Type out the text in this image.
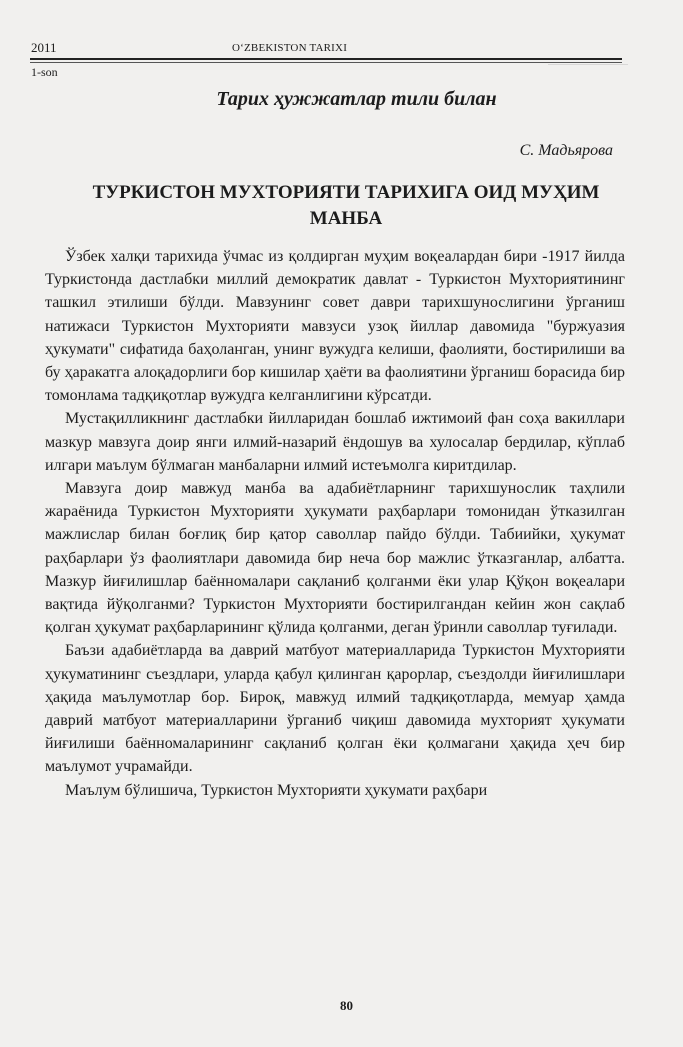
2011	O‘ZBEKISTON TARIXI
1-son
Тарих ҳужжатлар тили билан
С. Мадьярова
ТУРКИСТОН МУХТОРИЯТИ ТАРИХИГА ОИД МУҲИМ МАНБА

Ўзбек халқи тарихида ўчмас из қолдирган муҳим воқеалардан бири -1917 йилда Туркистонда дастлабки миллий демократик давлат - Туркистон Мухториятининг ташкил этилиши бўлди. Мавзунинг совет даври тарихшунослигини ўрганиш натижаси Туркистон Мухторияти мавзуси узоқ йиллар давомида "буржуазия ҳукумати" сифатида баҳоланган, унинг вужудга келиши, фаолияти, бостирилиши ва бу ҳаракатга алоқадорлиги бор кишилар ҳаёти ва фаолиятини ўрганиш борасида бир томонлама тадқиқотлар вужудга келганлигини кўрсатди.

Мустақилликнинг дастлабки йилларидан бошлаб ижтимоий фан соҳа вакиллари мазкур мавзуга доир янги илмий-назарий ёндошув ва хулосалар бердилар, кўплаб илгари маълум бўлмаган манбаларни илмий истеъмолга киритдилар.

Мавзуга доир мавжуд манба ва адабиётларнинг тарихшунослик таҳлили жараёнида Туркистон Мухторияти ҳукумати раҳбарлари томонидан ўтказилган мажлислар билан боғлиқ бир қатор саволлар пайдо бўлди. Табиийки, ҳукумат раҳбарлари ўз фаолиятлари давомида бир неча бор мажлис ўтказганлар, албатта. Мазкур йиғилишлар баённомалари сақланиб қолганми ёки улар Қўқон воқеалари вақтида йўқолганми? Туркистон Мухторияти бостирилгандан кейин жон сақлаб қолган ҳукумат раҳбарларининг қўлида қолганми, деган ўринли саволлар туғилади.

Баъзи адабиётларда ва даврий матбуот материалларида Туркистон Мухторияти ҳукуматининг съездлари, уларда қабул қилинган қарорлар, съездолди йиғилишлари ҳақида маълумотлар бор. Бироқ, мавжуд илмий тадқиқотларда, мемуар ҳамда даврий матбуот материалларини ўрганиб чиқиш давомида мухторият ҳукумати йиғилиши баённомаларининг сақланиб қолган ёки қолмагани ҳақида ҳеч бир маълумот учрамайди.

Маълум бўлишича, Туркистон Мухторияти ҳукумати раҳбари

80
